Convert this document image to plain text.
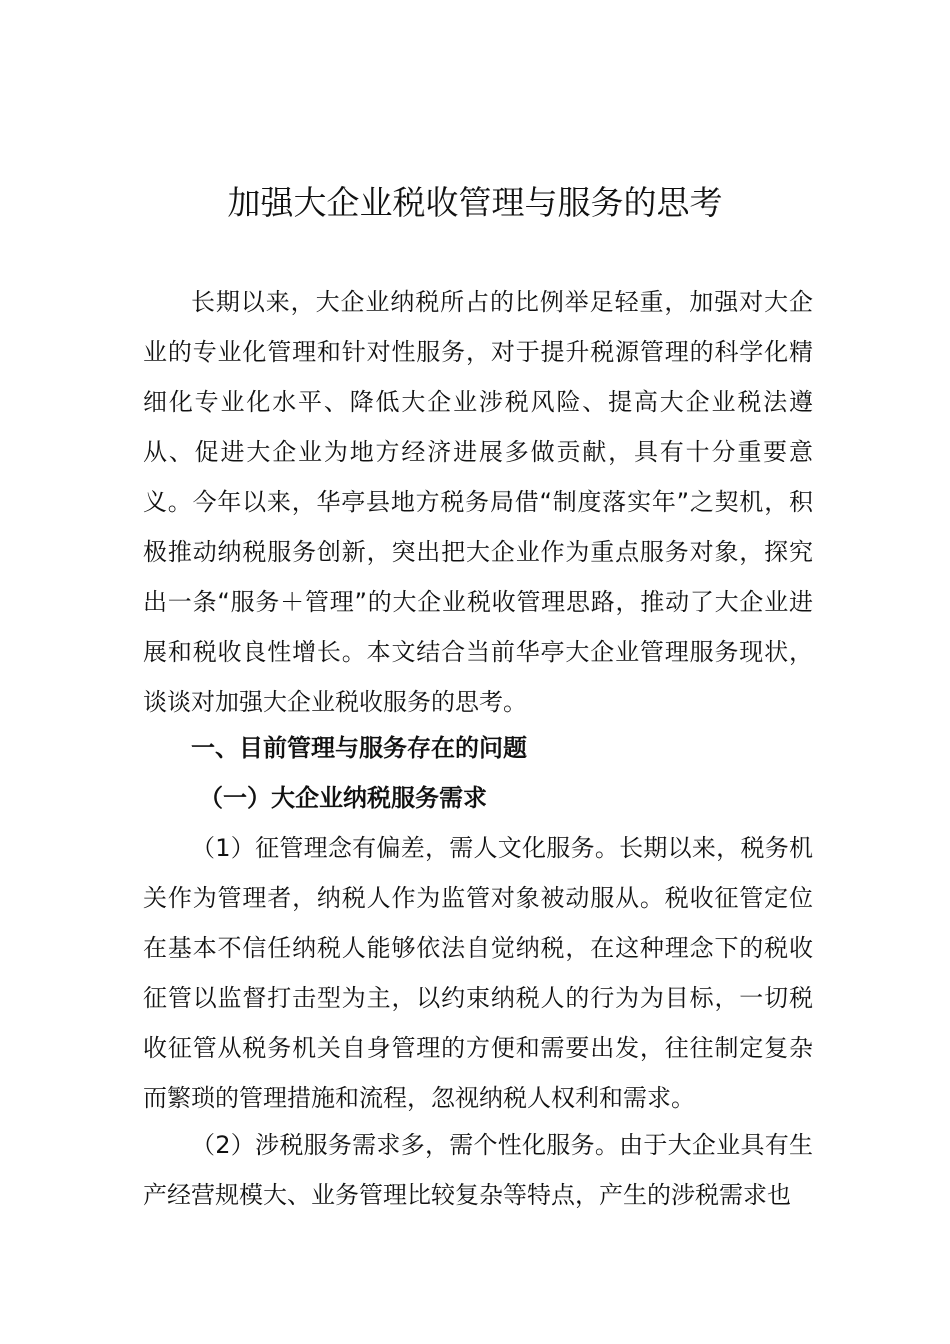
加强大企业税收管理与服务的思考

长期以来，大企业纳税所占的比例举足轻重，加强对大企业的专业化管理和针对性服务，对于提升税源管理的科学化精细化专业化水平、降低大企业涉税风险、提高大企业税法遵从、促进大企业为地方经济进展多做贡献，具有十分重要意义。今年以来，华亭县地方税务局借“制度落实年”之契机，积极推动纳税服务创新，突出把大企业作为重点服务对象，探究出一条“服务＋管理”的大企业税收管理思路，推动了大企业进展和税收良性增长。本文结合当前华亭大企业管理服务现状，谈谈对加强大企业税收服务的思考。

一、目前管理与服务存在的问题
（一）大企业纳税服务需求

（1）征管理念有偏差，需人文化服务。长期以来，税务机关作为管理者，纳税人作为监管对象被动服从。税收征管定位在基本不信任纳税人能够依法自觉纳税，在这种理念下的税收征管以监督打击型为主，以约束纳税人的行为为目标，一切税收征管从税务机关自身管理的方便和需要出发，往往制定复杂而繁琐的管理措施和流程，忽视纳税人权利和需求。

（2）涉税服务需求多，需个性化服务。由于大企业具有生产经营规模大、业务管理比较复杂等特点，产生的涉税需求也
